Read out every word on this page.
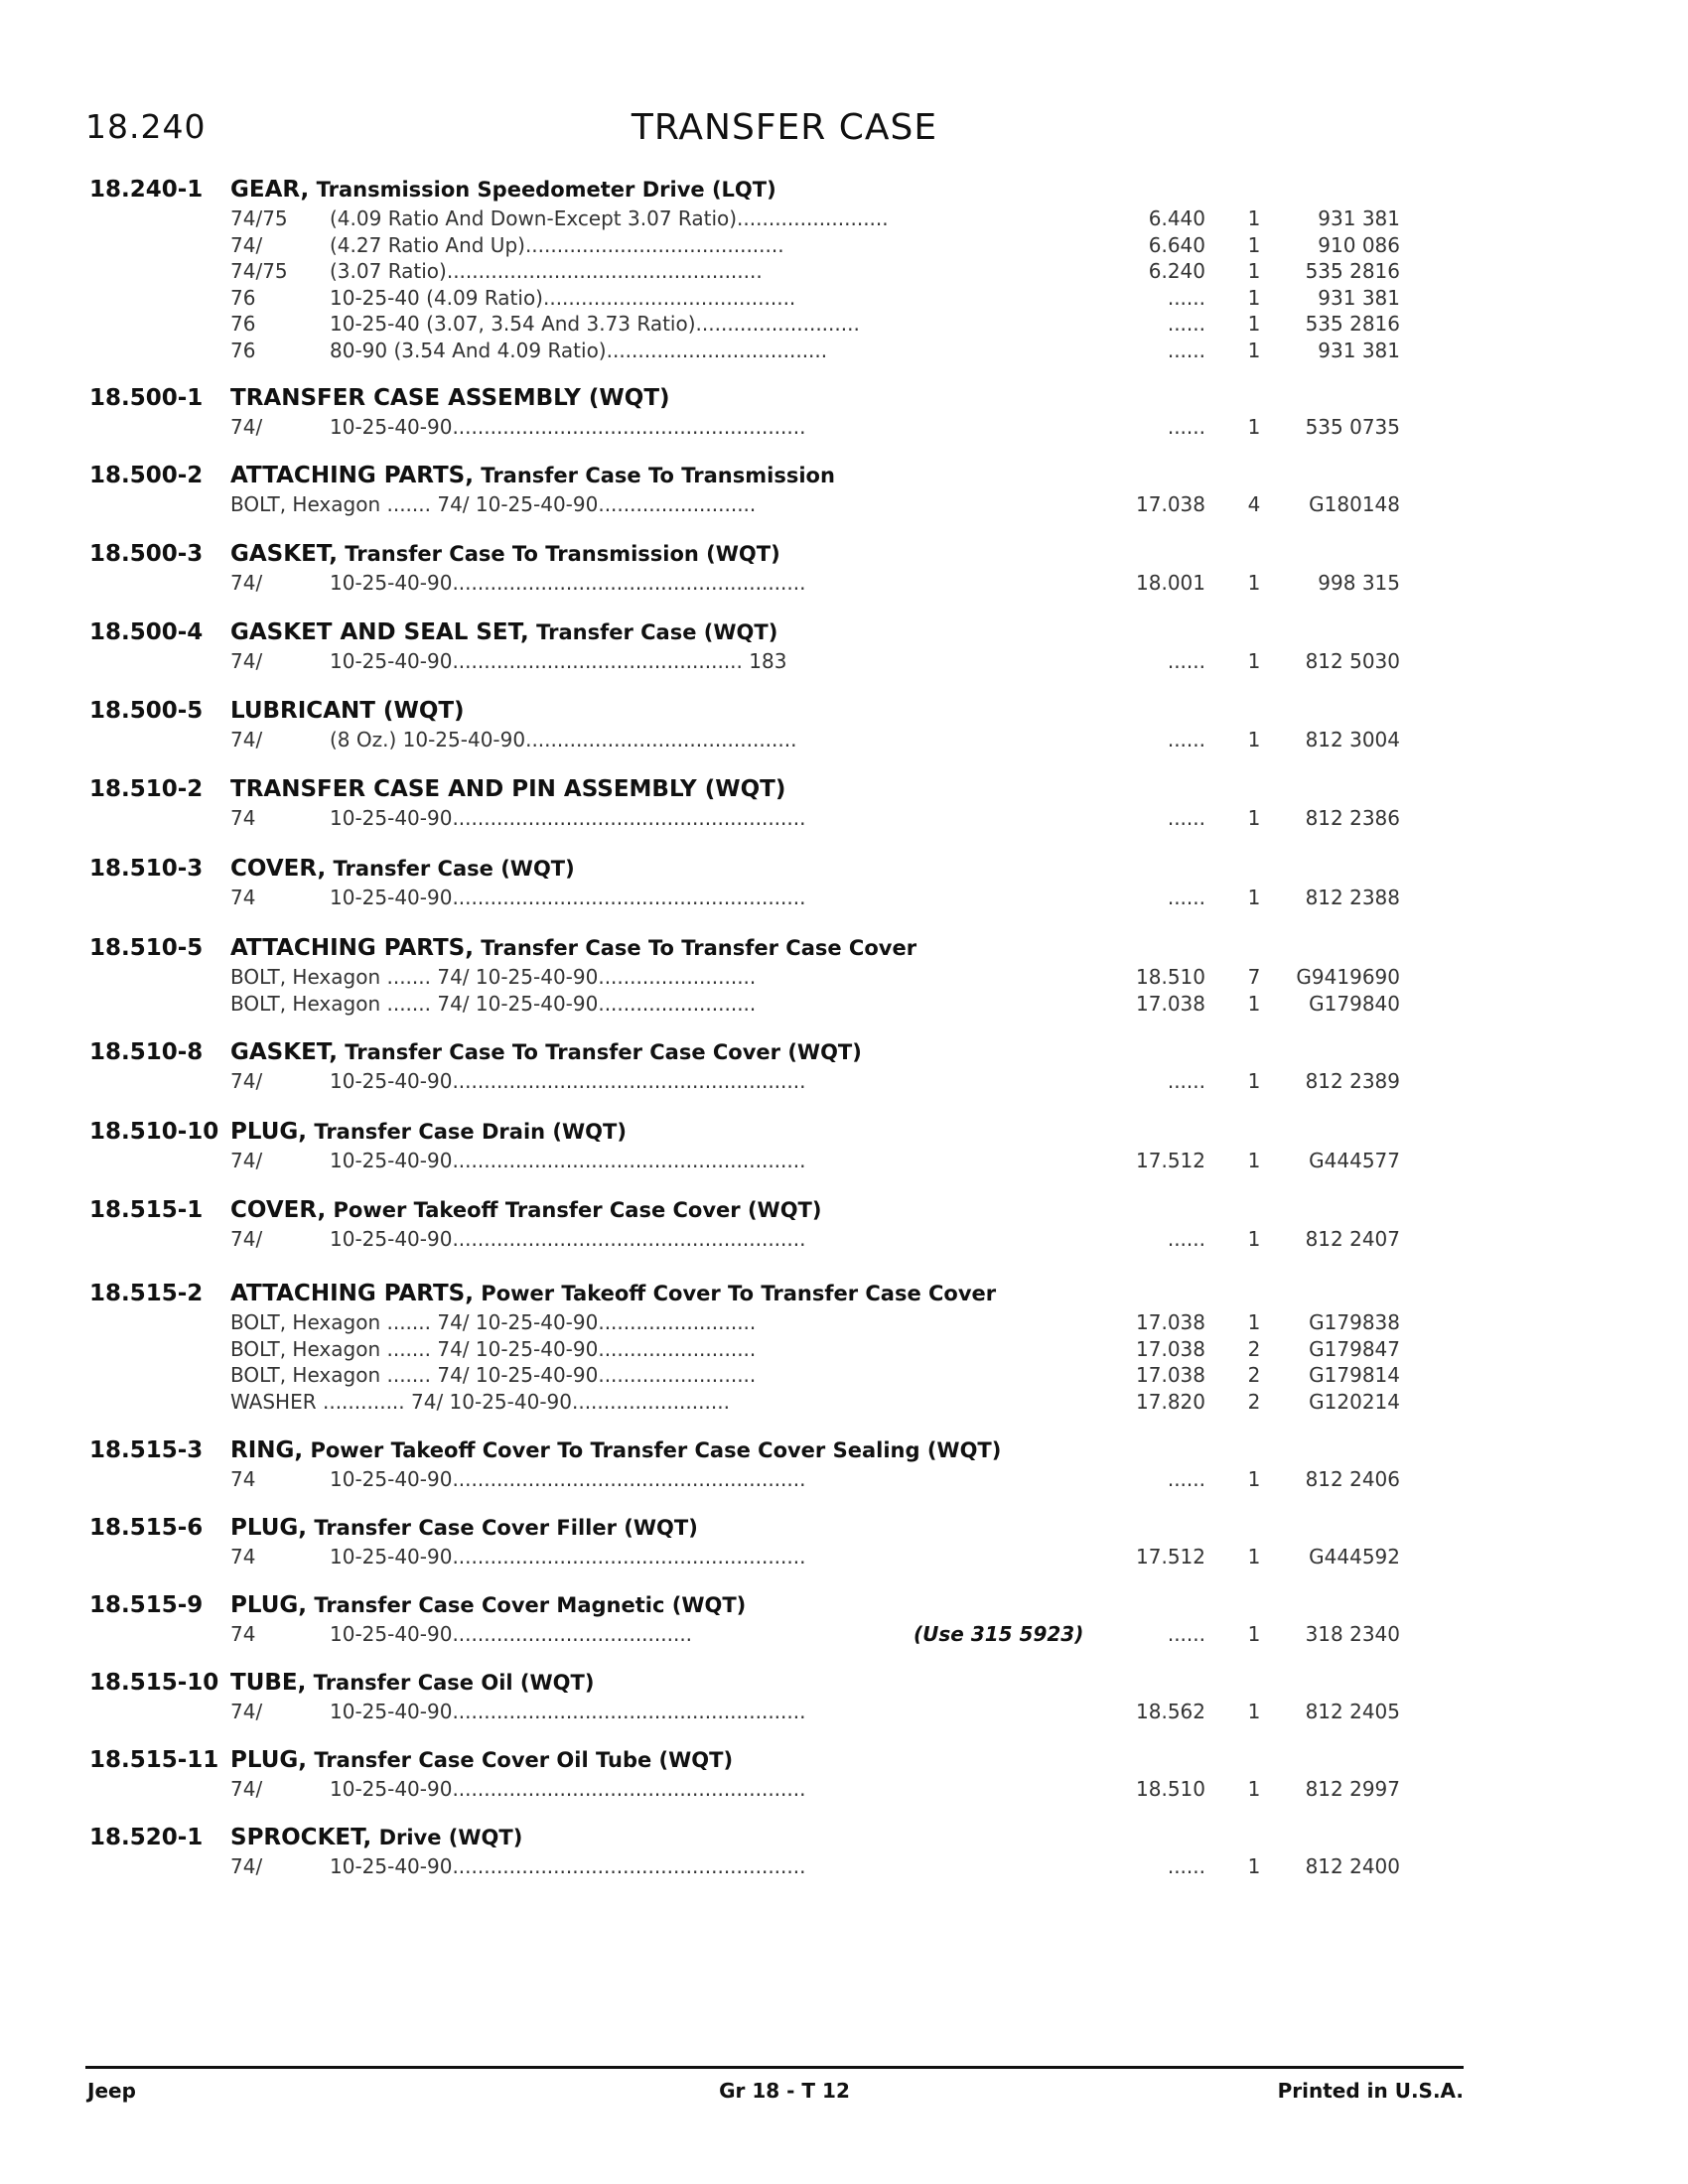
18.240	TRANSFER CASE
18.240-1 GEAR, Transmission Speedometer Drive (LQT)
74/75 (4.09 Ratio And Down-Except 3.07 Ratio)........................	6.440	1	931 381
74/	(4.27 Ratio And Up).........................................	6.640	1	910 086
74/75 (3.07 Ratio)..................................................	6.240	1	535 2816
76	10-25-40 (4.09 Ratio)........................................	......	1	931 381
76	10-25-40 (3.07, 3.54 And 3.73 Ratio)..........................	......	1	535 2816
76	80-90 (3.54 And 4.09 Ratio)...................................	......	1	931 381
18.500-1 TRANSFER CASE ASSEMBLY (WQT)
74/	10-25-40-90........................................................	......	1	535 0735
18.500-2 ATTACHING PARTS, Transfer Case To Transmission
BOLT, Hexagon ....... 74/ 10-25-40-90.........................	17.038	4	G180148
18.500-3 GASKET, Transfer Case To Transmission (WQT)
74/	10-25-40-90........................................................	18.001	1	998 315
18.500-4 GASKET AND SEAL SET, Transfer Case (WQT)
74/	10-25-40-90.............................................. 183	......	1	812 5030
18.500-5 LUBRICANT (WQT)
74/	(8 Oz.) 10-25-40-90...........................................	......	1	812 3004
18.510-2 TRANSFER CASE AND PIN ASSEMBLY (WQT)
74	10-25-40-90........................................................	......	1	812 2386
18.510-3 COVER, Transfer Case (WQT)
74	10-25-40-90........................................................	......	1	812 2388
18.510-5 ATTACHING PARTS, Transfer Case To Transfer Case Cover
BOLT, Hexagon ....... 74/ 10-25-40-90.........................	18.510	7	G9419690
BOLT, Hexagon ....... 74/ 10-25-40-90.........................	17.038	1	G179840
18.510-8 GASKET, Transfer Case To Transfer Case Cover (WQT)
74/	10-25-40-90........................................................	......	1	812 2389
18.510-10 PLUG, Transfer Case Drain (WQT)
74/	10-25-40-90........................................................	17.512	1	G444577
18.515-1 COVER, Power Takeoff Transfer Case Cover (WQT)
74/	10-25-40-90........................................................	......	1	812 2407
18.515-2 ATTACHING PARTS, Power Takeoff Cover To Transfer Case Cover
BOLT, Hexagon ....... 74/ 10-25-40-90.........................	17.038	1	G179838
BOLT, Hexagon ....... 74/ 10-25-40-90.........................	17.038	2	G179847
BOLT, Hexagon ....... 74/ 10-25-40-90.........................	17.038	2	G179814
WASHER ............. 74/ 10-25-40-90.........................	17.820	2	G120214
18.515-3 RING, Power Takeoff Cover To Transfer Case Cover Sealing (WQT)
74	10-25-40-90........................................................	......	1	812 2406
18.515-6 PLUG, Transfer Case Cover Filler (WQT)
74	10-25-40-90........................................................	17.512	1	G444592
18.515-9 PLUG, Transfer Case Cover Magnetic (WQT)
74	10-25-40-90......................................	(Use 315 5923)	......	1	318 2340
18.515-10 TUBE, Transfer Case Oil (WQT)
74/	10-25-40-90........................................................	18.562	1	812 2405
18.515-11 PLUG, Transfer Case Cover Oil Tube (WQT)
74/	10-25-40-90........................................................	18.510	1	812 2997
18.520-1 SPROCKET, Drive (WQT)
74/	10-25-40-90........................................................	......	1	812 2400
Jeep	Gr 18 - T 12	Printed in U.S.A.
